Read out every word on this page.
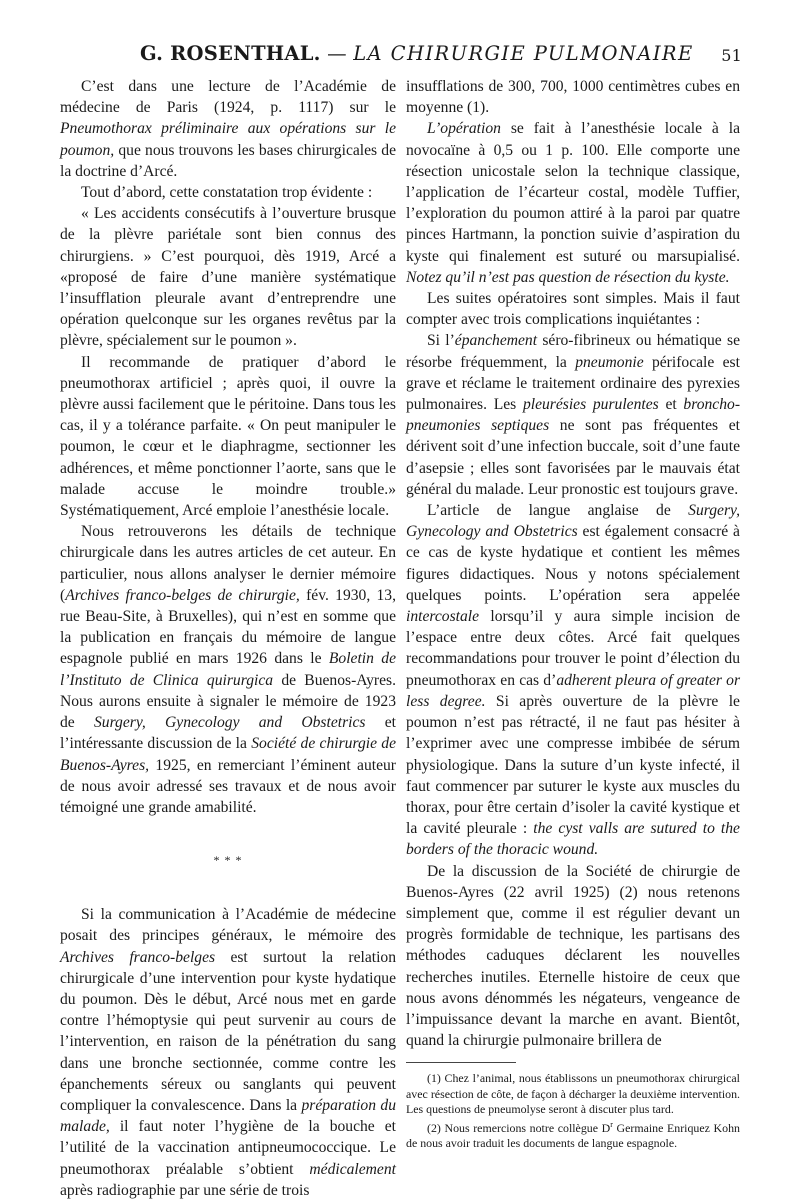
G. ROSENTHAL. — LA CHIRURGIE PULMONAIRE 51

C’est dans une lecture de l’Académie de médecine de Paris (1924, p. 1117) sur le Pneumothorax préliminaire aux opérations sur le poumon, que nous trouvons les bases chirurgicales de la doctrine d’Arcé.

Tout d’abord, cette constatation trop évidente :

« Les accidents consécutifs à l’ouverture brusque de la plèvre pariétale sont bien connus des chirurgiens. » C’est pourquoi, dès 1919, Arcé a «proposé de faire d’une manière systématique l’insufflation pleurale avant d’entreprendre une opération quelconque sur les organes revêtus par la plèvre, spécialement sur le poumon ».

Il recommande de pratiquer d’abord le pneumothorax artificiel ; après quoi, il ouvre la plèvre aussi facilement que le péritoine. Dans tous les cas, il y a tolérance parfaite. « On peut manipuler le poumon, le cœur et le diaphragme, sectionner les adhérences, et même ponctionner l’aorte, sans que le malade accuse le moindre trouble.» Systématiquement, Arcé emploie l’anesthésie locale.

Nous retrouverons les détails de technique chirurgicale dans les autres articles de cet auteur. En particulier, nous allons analyser le dernier mémoire (Archives franco-belges de chirurgie, fév. 1930, 13, rue Beau-Site, à Bruxelles), qui n’est en somme que la publication en français du mémoire de langue espagnole publié en mars 1926 dans le Boletin de l’Instituto de Clinica quirurgica de Buenos-Ayres. Nous aurons ensuite à signaler le mémoire de 1923 de Surgery, Gynecology and Obstetrics et l’intéressante discussion de la Société de chirurgie de Buenos-Ayres, 1925, en remerciant l’éminent auteur de nous avoir adressé ses travaux et de nous avoir témoigné une grande amabilité.

* * *

Si la communication à l’Académie de médecine posait des principes généraux, le mémoire des Archives franco-belges est surtout la relation chirurgicale d’une intervention pour kyste hydatique du poumon. Dès le début, Arcé nous met en garde contre l’hémoptysie qui peut survenir au cours de l’intervention, en raison de la pénétration du sang dans une bronche sectionnée, comme contre les épanchements séreux ou sanglants qui peuvent compliquer la convalescence. Dans la préparation du malade, il faut noter l’hygiène de la bouche et l’utilité de la vaccination antipneumococcique. Le pneumothorax préalable s’obtient médicalement après radiographie par une série de trois

insufflations de 300, 700, 1000 centimètres cubes en moyenne (1).

L’opération se fait à l’anesthésie locale à la novocaïne à 0,5 ou 1 p. 100. Elle comporte une résection unicostale selon la technique classique, l’application de l’écarteur costal, modèle Tuffier, l’exploration du poumon attiré à la paroi par quatre pinces Hartmann, la ponction suivie d’aspiration du kyste qui finalement est suturé ou marsupialisé. Notez qu’il n’est pas question de résection du kyste.

Les suites opératoires sont simples. Mais il faut compter avec trois complications inquiétantes :

Si l’épanchement séro-fibrineux ou hématique se résorbe fréquemment, la pneumonie périfocale est grave et réclame le traitement ordinaire des pyrexies pulmonaires. Les pleurésies purulentes et broncho-pneumonies septiques ne sont pas fréquentes et dérivent soit d’une infection buccale, soit d’une faute d’asepsie ; elles sont favorisées par le mauvais état général du malade. Leur pronostic est toujours grave.

L’article de langue anglaise de Surgery, Gynecology and Obstetrics est également consacré à ce cas de kyste hydatique et contient les mêmes figures didactiques. Nous y notons spécialement quelques points. L’opération sera appelée intercostale lorsqu’il y aura simple incision de l’espace entre deux côtes. Arcé fait quelques recommandations pour trouver le point d’élection du pneumothorax en cas d’adherent pleura of greater or less degree. Si après ouverture de la plèvre le poumon n’est pas rétracté, il ne faut pas hésiter à l’exprimer avec une compresse imbibée de sérum physiologique. Dans la suture d’un kyste infecté, il faut commencer par suturer le kyste aux muscles du thorax, pour être certain d’isoler la cavité kystique et la cavité pleurale : the cyst valls are sutured to the borders of the thoracic wound.

De la discussion de la Société de chirurgie de Buenos-Ayres (22 avril 1925) (2) nous retenons simplement que, comme il est régulier devant un progrès formidable de technique, les partisans des méthodes caduques déclarent les nouvelles recherches inutiles. Eternelle histoire de ceux que nous avons dénommés les négateurs, vengeance de l’impuissance devant la marche en avant. Bientôt, quand la chirurgie pulmonaire brillera de

(1) Chez l’animal, nous établissons un pneumothorax chirurgical avec résection de côte, de façon à décharger la deuxième intervention. Les questions de pneumolyse seront à discuter plus tard.

(2) Nous remercions notre collègue $D^r$ Germaine Enriquez Kohn de nous avoir traduit les documents de langue espagnole.
